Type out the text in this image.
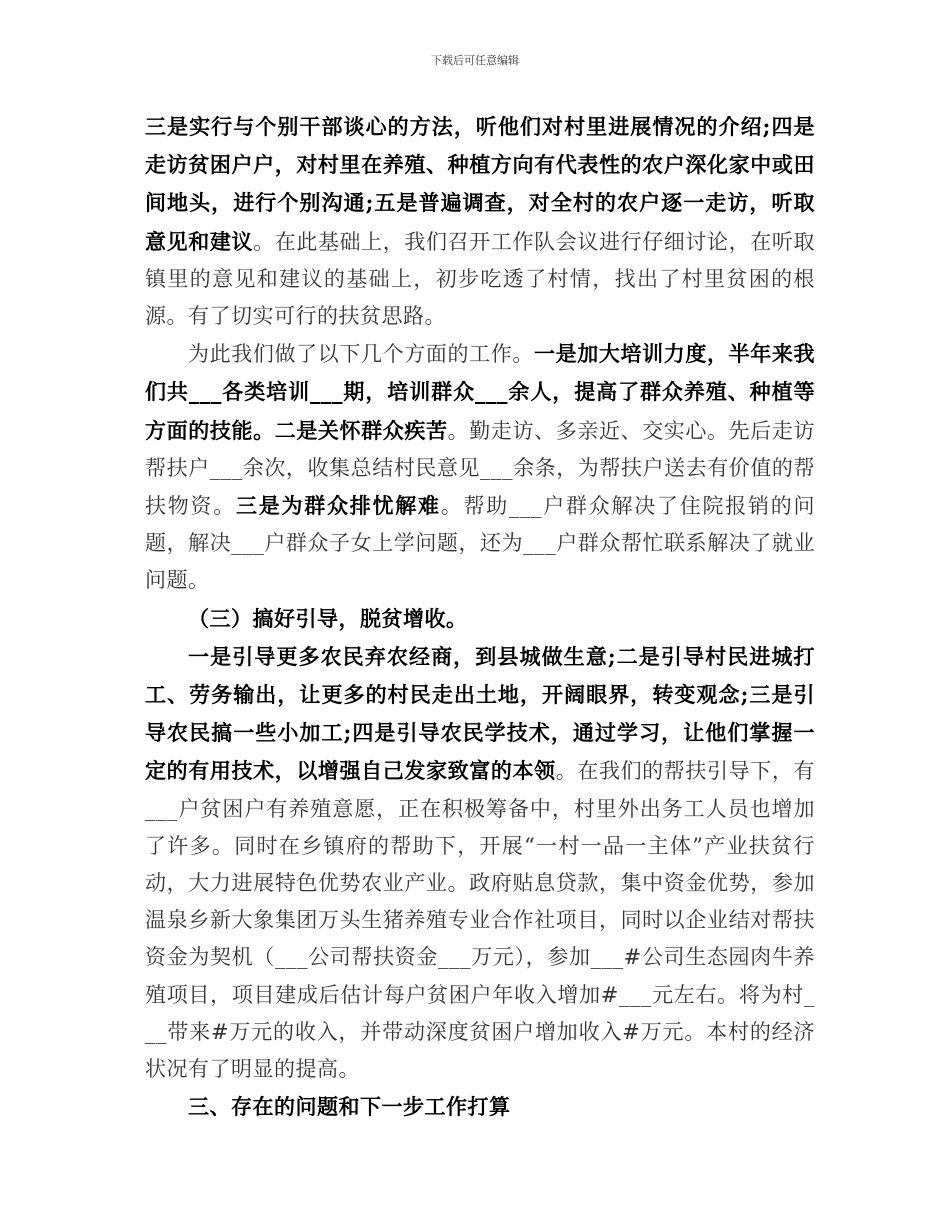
下载后可任意编辑

三是实行与个别干部谈心的方法，听他们对村里进展情况的介绍;四是走访贫困户户，对村里在养殖、种植方向有代表性的农户深化家中或田间地头，进行个别沟通;五是普遍调查，对全村的农户逐一走访，听取意见和建议。在此基础上，我们召开工作队会议进行仔细讨论，在听取镇里的意见和建议的基础上，初步吃透了村情，找出了村里贫困的根源。有了切实可行的扶贫思路。

为此我们做了以下几个方面的工作。一是加大培训力度，半年来我们共___各类培训___期，培训群众___余人，提高了群众养殖、种植等方面的技能。二是关怀群众疾苦。勤走访、多亲近、交实心。先后走访帮扶户___余次，收集总结村民意见___余条，为帮扶户送去有价值的帮扶物资。三是为群众排忧解难。帮助___户群众解决了住院报销的问题，解决___户群众子女上学问题，还为___户群众帮忙联系解决了就业问题。

（三）搞好引导，脱贫增收。

一是引导更多农民弃农经商，到县城做生意;二是引导村民进城打工、劳务输出，让更多的村民走出土地，开阔眼界，转变观念;三是引导农民搞一些小加工;四是引导农民学技术，通过学习，让他们掌握一定的有用技术，以增强自己发家致富的本领。在我们的帮扶引导下，有___户贫困户有养殖意愿，正在积极筹备中，村里外出务工人员也增加了许多。同时在乡镇府的帮助下，开展“一村一品一主体”产业扶贫行动，大力进展特色优势农业产业。政府贴息贷款，集中资金优势，参加温泉乡新大象集团万头生猪养殖专业合作社项目，同时以企业结对帮扶资金为契机（___公司帮扶资金___万元），参加___#公司生态园肉牛养殖项目，项目建成后估计每户贫困户年收入增加#___元左右。将为村___带来#万元的收入，并带动深度贫困户增加收入#万元。本村的经济状况有了明显的提高。

三、存在的问题和下一步工作打算
